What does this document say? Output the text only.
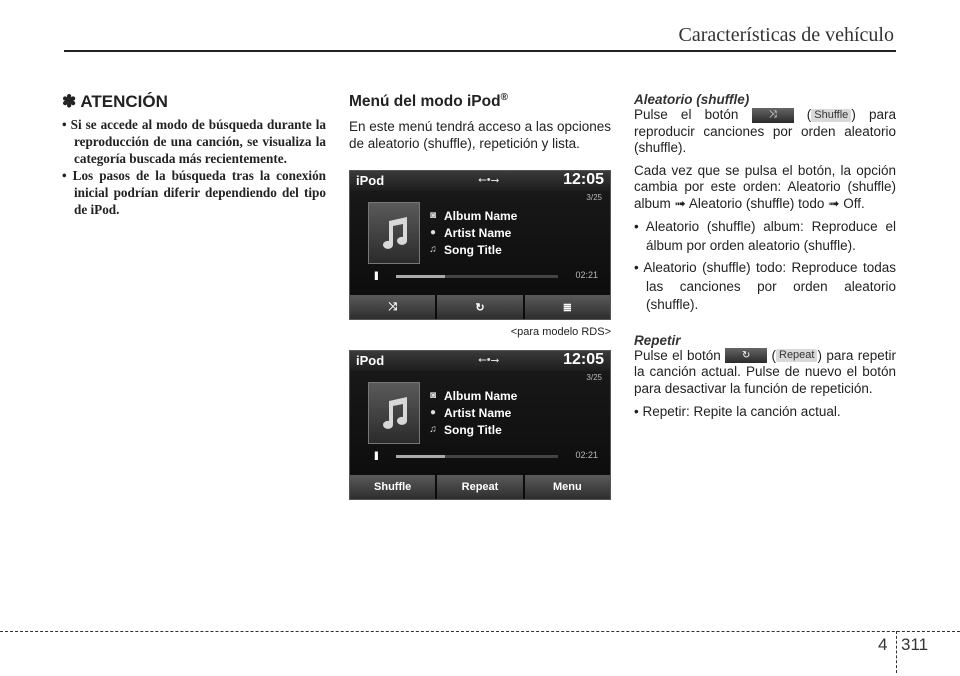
Características de vehículo
✽ ATENCIÓN
• Si se accede al modo de búsqueda durante la reproducción de una canción, se visualiza la categoría buscada más recientemente.
• Los pasos de la búsqueda tras la conexión inicial podrían diferir dependiendo del tipo de iPod.
Menú del modo iPod®
En este menú tendrá acceso a las opciones de aleatorio (shuffle), repetición y lista.
iPod	⭠•⭢	12:05
3/25
◙ Album Name
● Artist Name
♫ Song Title
II	02:21
⤨	↻	≣
<para modelo RDS>
iPod	⭠•⭢	12:05
3/25
◙ Album Name
● Artist Name
♫ Song Title
II	02:21
Shuffle	Repeat	Menu
Aleatorio (shuffle)
Pulse el botón	⤨ ( Shuffle ) para reproducir canciones por orden aleatorio (shuffle).
Cada vez que se pulsa el botón, la opción cambia por este orden: Aleatorio (shuffle) album ➟ Aleatorio (shuffle) todo ➟ Off.
• Aleatorio (shuffle) album: Reproduce el álbum por orden aleatorio (shuffle).
• Aleatorio (shuffle) todo: Reproduce todas las canciones por orden aleatorio (shuffle).
Repetir
Pulse el botón ↻ ( Repeat ) para repetir la canción actual. Pulse de nuevo el botón para desactivar la función de repetición.
• Repetir: Repite la canción actual.
4 311
